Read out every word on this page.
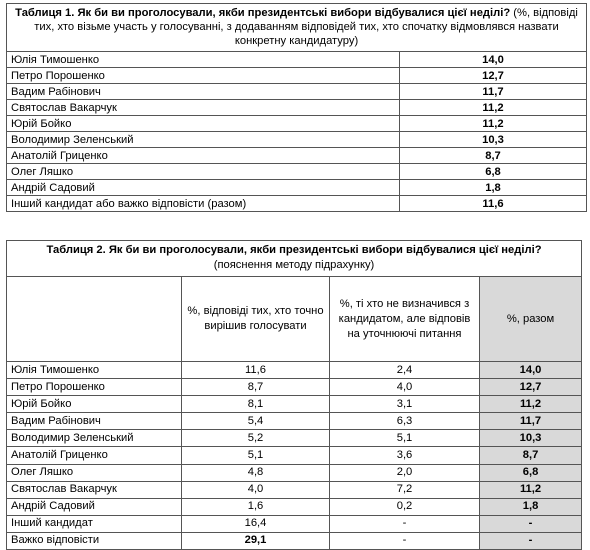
Таблиця 1. Як би ви проголосували, якби президентські вибори відбувалися цієї неділі? (%, відповіді тих, хто візьме участь у голосуванні, з додаванням відповідей тих, хто спочатку відмовлявся назвати конкретну кандидатуру)	
Юлія Тимошенко	14,0
Петро Порошенко	12,7
Вадим Рабінович	11,7
Святослав Вакарчук	11,2
Юрій Бойко	11,2
Володимир Зеленський	10,3
Анатолій Гриценко	8,7
Олег Ляшко	6,8
Андрій Садовий	1,8
Інший кандидат або важко відповісти (разом)	11,6
Таблиця 2. Як би ви проголосували, якби президентські вибори відбувалися цієї неділі?
(пояснення методу підрахунку)			
	%, відповіді тих, хто точно вирішив голосувати	%, ті хто не визначився з кандидатом, але відповів на уточнюючі питання	%, разом
Юлія Тимошенко	11,6	2,4	14,0
Петро Порошенко	8,7	4,0	12,7
Юрій Бойко	8,1	3,1	11,2
Вадим Рабінович	5,4	6,3	11,7
Володимир Зеленський	5,2	5,1	10,3
Анатолій Гриценко	5,1	3,6	8,7
Олег Ляшко	4,8	2,0	6,8
Святослав Вакарчук	4,0	7,2	11,2
Андрій Садовий	1,6	0,2	1,8
Інший кандидат	16,4	-	-
Важко відповісти	29,1	-	-
